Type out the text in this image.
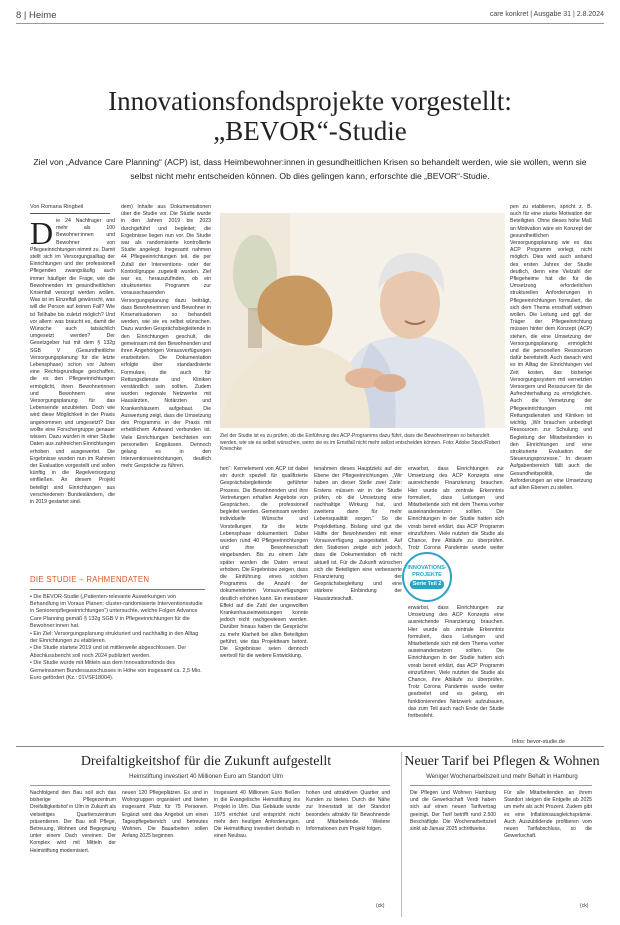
8 | Heime	care konkret | Ausgabe 31 | 2.8.2024
Innovationsfondsprojekte vorgestellt:
„BEVOR“-Studie
Ziel von „Advance Care Planning“ (ACP) ist, dass Heimbewohner:innen in gesundheitlichen Krisen so behandelt werden, wie sie wollen, wenn sie selbst nicht mehr entscheiden können. Ob dies gelingen kann, erforschte die „BEVOR“-Studie.
Von Romana Ringbeil
D ie 24 Nachfrager und mehr als 100 Bewohner:innen und Bewohner von Pflegeeinrichtungen nimmt zu. Damit stellt sich im Versorgungsalltag der Einrichtungen und der professionell Pflegenden zwangsläufig auch immer häufiger die Frage, wie die Bewohnenden im gesundheitlichen Krisenfall versorgt werden wollen. Was ist im Einzelfall gewünscht, was will die Person auf keinen Fall? Wie ist Teilhabe bis zuletzt möglich? Und vor allem: was braucht es, damit die Wünsche auch tatsächlich umgesetzt werden? Der Gesetzgeber hat mit dem § 132g SGB V (Gesundheitliche Versorgungsplanung für die letzte Lebensphase) schon vor Jahren eine Rechtsgrundlage geschaffen, die es den Pflegeeinrichtungen ermöglicht, ihren Bewohnerinnen und Bewohnern eine Versorgungsplanung für das Lebensende anzubieten. Doch wie wird diese Möglichkeit in der Praxis angenommen und umgesetzt? Das wollte eine Forschergruppe genauer wissen. Dazu wurden in einer Studie Daten aus zahlreichen Einrichtungen erhoben und ausgewertet. Die Ergebnisse wurden nun im Rahmen der Evaluation vorgestellt und sollen künftig in die Regelversorgung einfließen. An diesem Projekt beteiligt sind Einrichtungen aus verschiedenen Bundesländern, die in 2019 gestartet sind.
dem) Inhalte aus Dokumentationen über die Studie vor. Die Studie wurde in den Jahren 2019 bis 2023 durchgeführt und begleitet; die Ergebnisse liegen nun vor. Die Studie war als randomisierte kontrollierte Studie angelegt. Insgesamt nahmen 44 Pflegeeinrichtungen teil, die per Zufall der Interventions- oder der Kontrollgruppe zugeteilt wurden. Ziel war es, herauszufinden, ob ein strukturiertes Programm zur vorausschauenden Versorgungsplanung dazu beiträgt, dass Bewohnerinnen und Bewohner in Krisensituationen so behandelt werden, wie sie es selbst wünschen. Dazu wurden Gesprächsbegleitende in den Einrichtungen geschult, die gemeinsam mit den Bewohnenden und ihren Angehörigen Vorausverfügungen erarbeiteten. Die Dokumentation erfolgte über standardisierte Formulare, die auch für Rettungsdienste und Kliniken verständlich sein sollten. Zudem wurden regionale Netzwerke mit Hausärzten, Notärzten und Krankenhäusern aufgebaut. Die Auswertung zeigt, dass die Umsetzung des Programms in der Praxis mit erheblichem Aufwand verbunden ist. Viele Einrichtungen berichteten von personellen Engpässen. Dennoch gelang es in den Interventionseinrichtungen, deutlich mehr Gespräche zu führen.
Ziel der Studie ist es zu prüfen, ob die Einführung des ACP-Programms dazu führt, dass die Bewohnerinnen so behandelt werden, wie sie es selbst wünschen, wenn sie es im Ernstfall nicht mehr selbst entscheiden können. Foto: Adobe Stock/Robert Kneschke
pen zu etablieren, spricht z. B. auch für eine starke Motivation der Beteiligten. Ohne dieses hohe Maß an Motivation wäre ein Konzept der gesundheitlichen Versorgungsplanung wie es das ACP Programm vorlegt, nicht möglich. Dies wird auch anhand des ersten Jahres der Studie deutlich, denn eine Vielzahl der Pflegeheime hat die für die Umsetzung erforderlichen strukturellen Anforderungen in Pflegeeinrichtungen formuliert, die sich dem Thema ernsthaft widmen wollen. Die Leitung und ggf. der Träger der Pflegeeinrichtung müssen hinter dem Konzept (ACP) stehen, die eine Umsetzung der Versorgungsplanung ermöglicht und die personellen Ressourcen dafür bereitstellt. Auch danach wird es im Alltag der Einrichtungen viel Zeit kosten, das bisherige Versorgungssystem mit vernetzten Versorgern und Ressourcen für die Aufrechterhaltung zu ermöglichen. Auch die Vernetzung der Pflegeeinrichtungen mit Rettungsdiensten und Kliniken ist wichtig. „Wir brauchen unbedingt Ressourcen zur Schulung und Begleitung der Mitarbeitenden in den Einrichtungen und eine strukturierte Evaluation der Steuerungsprozesse.“ In diesem Aufgabenbereich fällt auch die Gesundheitspolitik, die Anforderungen an eine Umsetzung auf allen Ebenen zu stellen.
DIE STUDIE – RAHMENDATEN

• Die BEVOR-Studie („Patienten-relevante Auswirkungen von Behandlung im Voraus Planen: cluster-randomisierte Interventionsstudie in Seniorenpflegeeinrichtungen“) untersuchte, welche Folgen Advance Care Planning gemäß § 132g SGB V in Pflegeeinrichtungen für die Bewohner:innen hat.

• Ein Ziel: Versorgungsplanung strukturiert und nachhaltig in den Alltag der Einrichtungen zu etablieren.

• Die Studie startete 2019 und ist mittlerweile abgeschlossen. Der Abschlussbericht soll noch 2024 publiziert werden.

• Die Studie wurde mit Mitteln aus dem Innovationsfonds des Gemeinsamen Bundesausschusses in Höhe von insgesamt ca. 2,5 Mio. Euro gefördert (Kz.: 01VSF18004).

hen“: Kernelement von ACP ist dabei ein durch speziell für qualifizierte Gesprächsbegleitende geführter Prozess. Die Bewohnenden und ihre Vertretungen erhalten Angebote von Gesprächen, die professionell begleitet werden. Gemeinsam werden individuelle Wünsche und Vorstellungen für die letzte Lebensphase dokumentiert. Dabei wurden rund 40 Pflegeeinrichtungen und ihre Bewohnerschaft eingebunden. Bis zu einem Jahr später wurden die Daten erneut erhoben. Die Ergebnisse zeigen, dass die Einführung eines solchen Programms die Anzahl der dokumentierten Vorausverfügungen deutlich erhöhen kann. Ein messbarer Effekt auf die Zahl der ungewollten Krankenhauseinweisungen konnte jedoch nicht nachgewiesen werden. Darüber hinaus haben die Gespräche zu mehr Klarheit bei allen Beteiligten geführt, wie das Projektteam betont. Die Ergebnisse seien dennoch wertvoll für die weitere Entwicklung.
tenahmen dieses Hauptziels auf der Ebene der Pflegeeinrichtungen. „Wir haben an dieser Stelle zwei Ziele: Erstens müssen wir in der Studie prüfen, ob die Umsetzung eine nachhaltige Wirkung hat, und zweitens dann für mehr Lebensqualität sorgen.“ So die Projektleitung. Bislang sind gut die Hälfte der Bewohnenden mit einer Vorausverfügung ausgestattet. Auf den Stationen zeigte sich jedoch, dass die Dokumentation oft nicht aktuell ist. Für die Zukunft wünschen sich die Beteiligten eine verbesserte Finanzierung der Gesprächsbegleitung und eine stärkere Einbindung der Hausärzteschaft.
erwarbst, dass Einrichtungen zur Umsetzung des ACP Konzepts eine ausreichende Finanzierung brauchen. Hier wurde als zentrale Erkenntnis formuliert, dass Leitungen und Mitarbeitende sich mit dem Thema vorher auseinandersetzen sollten. Die Einrichtungen in der Studie hatten sich vorab bereit erklärt, das ACP Programm einzuführen. Viele nutzten die Studie als Chance, ihre Abläufe zu überprüfen. Trotz Corona Pandemie wurde weiter
erwarbst, dass Einrichtungen zur Umsetzung des ACP Konzepts eine ausreichende Finanzierung brauchen. Hier wurde als zentrale Erkenntnis formuliert, dass Leitungen und Mitarbeitende sich mit dem Thema vorher auseinandersetzen sollten. Die Einrichtungen in der Studie hatten sich vorab bereit erklärt, das ACP Programm einzuführen. Viele nutzten die Studie als Chance, ihre Abläufe zu überprüfen. Trotz Corona Pandemie wurde weiter gearbeitet und es gelang, ein funktionierendes Netzwerk aufzubauen, das zum Teil auch nach Ende der Studie fortbesteht.
INNOVATIONS-
PROJEKTE
Serie Teil 2
Infos: bevor-studie.de
Dreifaltigkeitshof für die Zukunft aufgestellt
Heimstiftung investiert 40 Millionen Euro am Standort Ulm
Nachfolgend den Bau soll sich das bisherige Pflegezentrum Dreifaltigkeitshof in Ulm in Zukunft als vielseitiges Quartierszentrum präsentieren. Der Bau soll Pflege, Betreuung, Wohnen und Begegnung unter einem Dach vereinen. Der Komplex wird mit Mitteln der Heimstiftung modernisiert.
neuen 120 Pflegeplätzen. Es sind in Wohngruppen organisiert und bieten insgesamt Platz für 75 Personen. Ergänzt wird das Angebot um einen Tagespflegebereich und betreutes Wohnen. Die Bauarbeiten sollen Anfang 2025 beginnen.
Insgesamt 40 Millionen Euro fließen in die Evangelische Heimstiftung ins Projekt in Ulm. Das Gebäude wurde 1975 errichtet und entspricht nicht mehr den heutigen Anforderungen. Die Heimstiftung investiert deshalb in einen Neubau.
hohen und attraktiven Quartier und Kunden zu bieten. Durch die Nähe zur Innenstadt ist der Standort besonders attraktiv für Bewohnende und Mitarbeitende. Weitere Informationen zum Projekt folgen.
(ck)
Neuer Tarif bei Pflegen & Wohnen
Weniger Wochenarbeitszeit und mehr Behalt in Hamburg
Die Pflegen und Wohnen Hamburg und die Gewerkschaft Verdi haben sich auf einen neuen Tarifvertrag geeinigt. Der Tarif betrifft rund 2.500 Beschäftigte. Die Wochenarbeitszeit sinkt ab Januar 2025 schrittweise.
Für alle Mitarbeitenden an ihrem Standort steigen die Entgelte ab 2025 um mehr als acht Prozent. Zudem gibt es eine Inflationsausgleichsprämie. Auch Auszubildende profitieren vom neuen Tarifabschluss, so die Gewerkschaft.
(ck)
